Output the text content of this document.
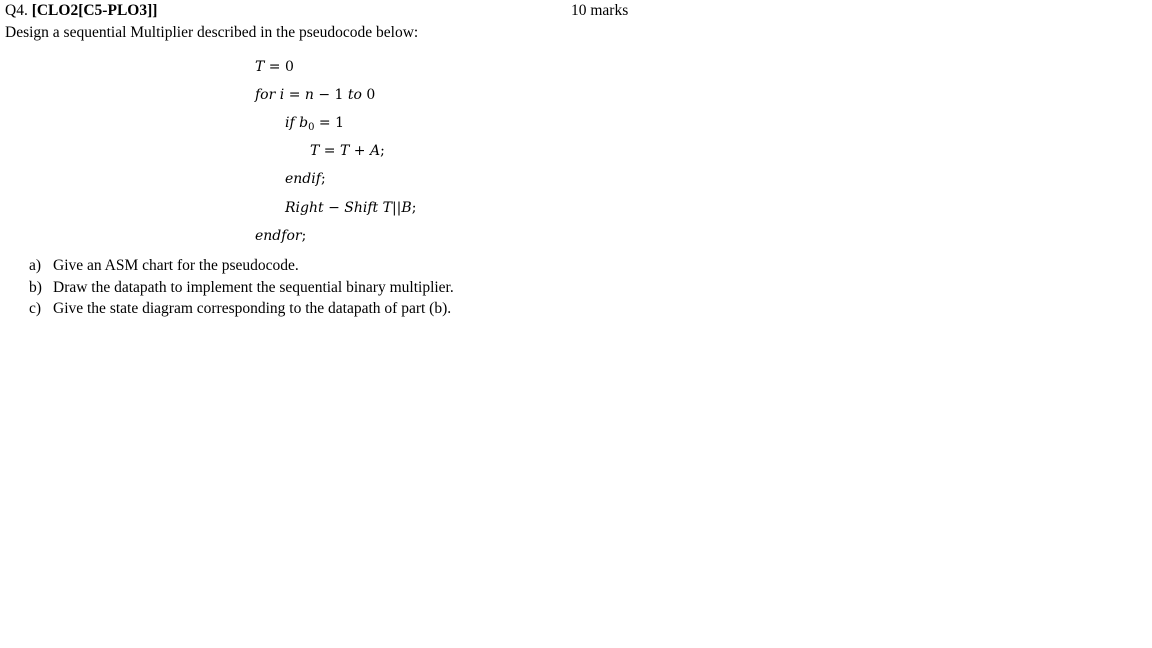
Q4. [CLO2[C5-PLO3]]	10 marks
Design a sequential Multiplier described in the pseudocode below:
T = 0
for i = n − 1 to 0
if $b_0 = 1$
T = T + A;
endif;
Right − Shift T||B;
endfor;
a) Give an ASM chart for the pseudocode.
b) Draw the datapath to implement the sequential binary multiplier.
c) Give the state diagram corresponding to the datapath of part (b).
